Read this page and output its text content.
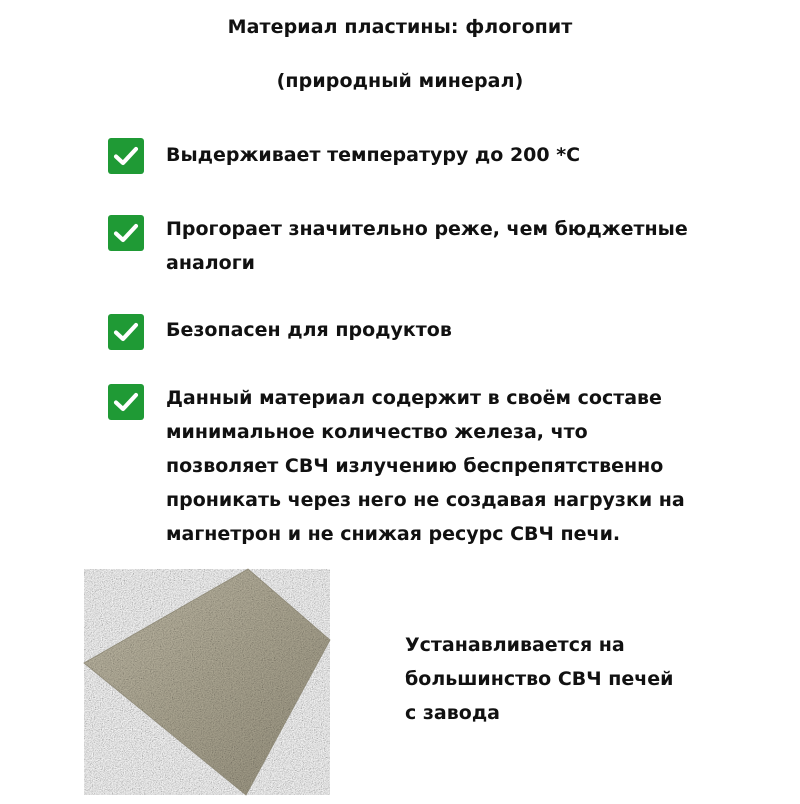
Материал пластины: флогопит
(природный минерал)
Выдерживает температуру до 200 *С
Прогорает значительно реже, чем бюджетные
аналоги
Безопасен для продуктов
Данный материал содержит в своём составе
минимальное количество железа, что
позволяет СВЧ излучению беспрепятственно
проникать через него не создавая нагрузки на
магнетрон и не снижая ресурс СВЧ печи.
Устанавливается на
большинство СВЧ печей
с завода
